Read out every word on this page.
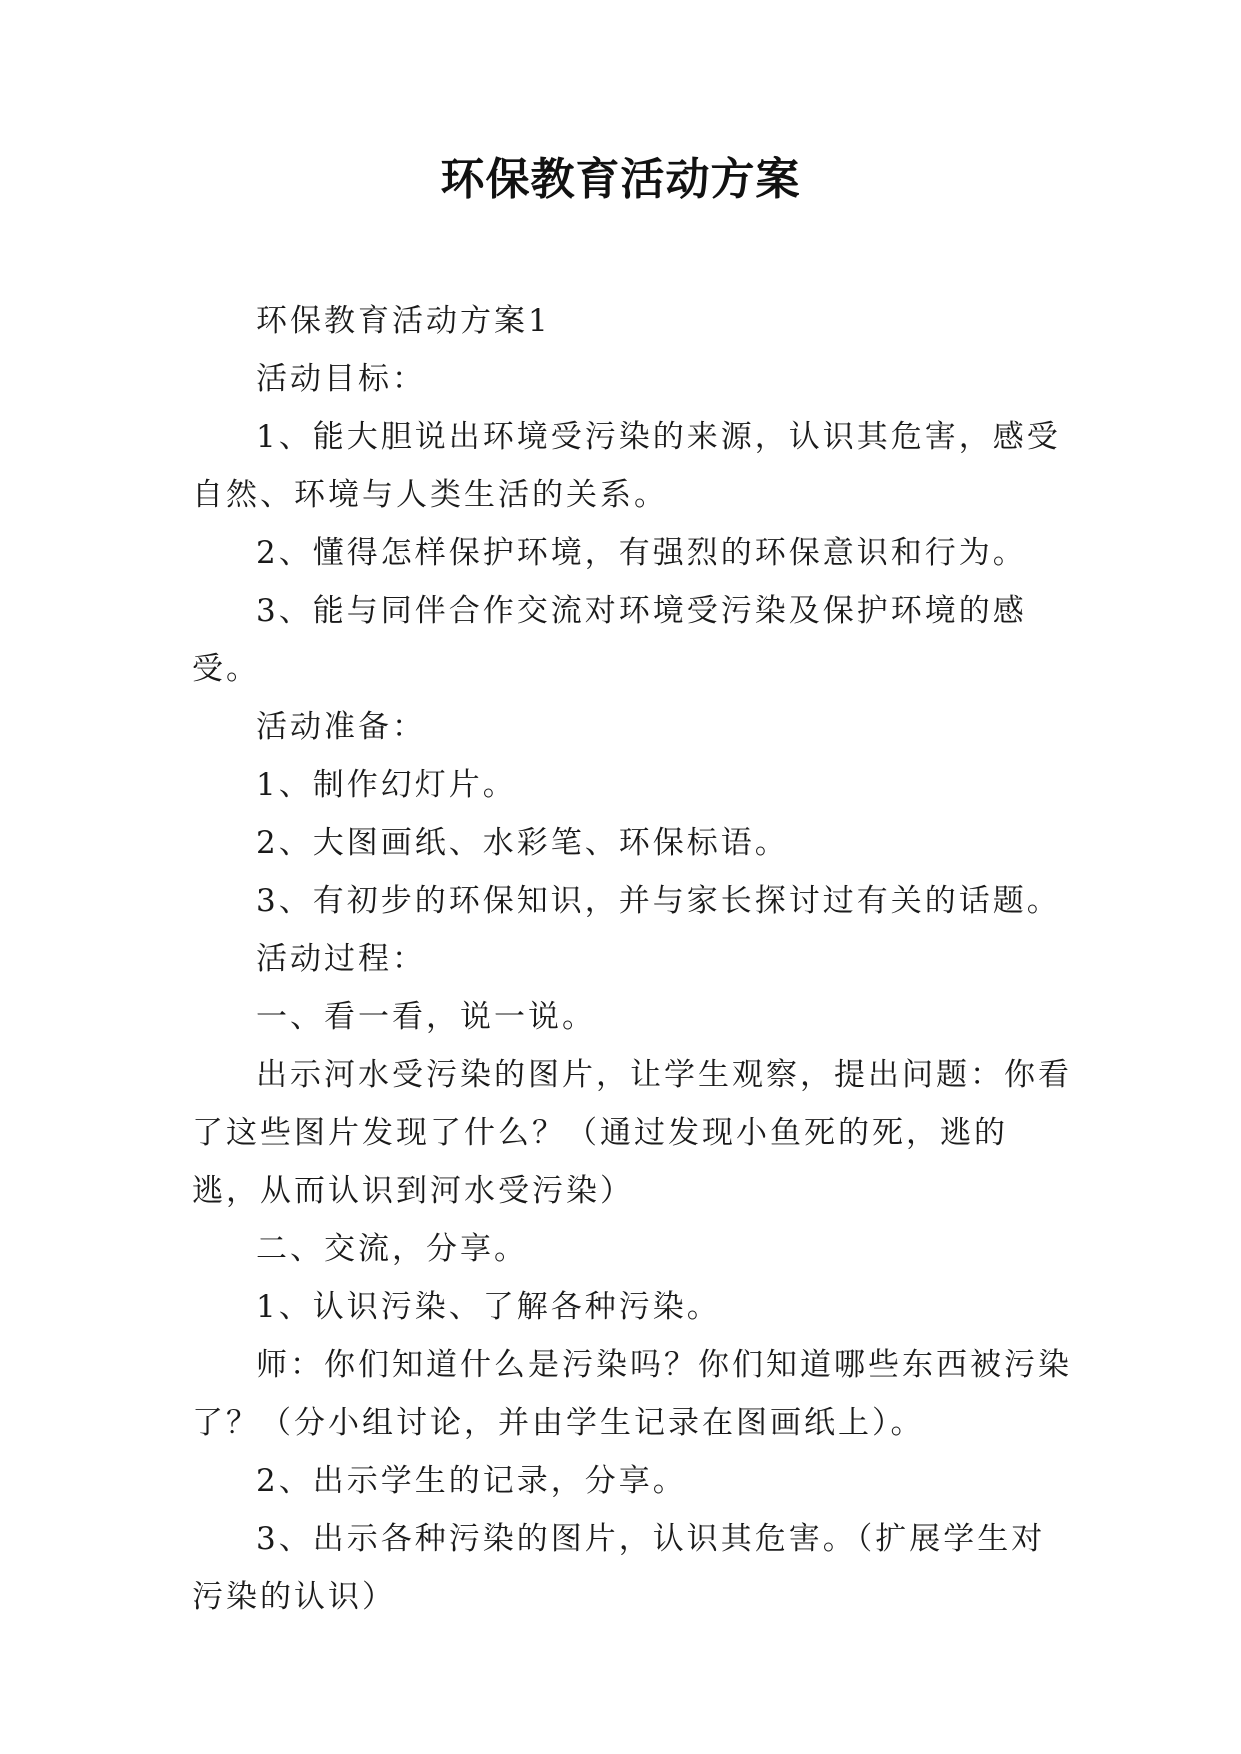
环保教育活动方案

环保教育活动方案1

活动目标：

1、能大胆说出环境受污染的来源，认识其危害，感受自然、环境与人类生活的关系。

2、懂得怎样保护环境，有强烈的环保意识和行为。

3、能与同伴合作交流对环境受污染及保护环境的感受。

活动准备：

1、制作幻灯片。

2、大图画纸、水彩笔、环保标语。

3、有初步的环保知识，并与家长探讨过有关的话题。

活动过程：

一、看一看，说一说。

出示河水受污染的图片，让学生观察，提出问题：你看了这些图片发现了什么？（通过发现小鱼死的死，逃的逃，从而认识到河水受污染）

二、交流，分享。

1、认识污染、了解各种污染。

师：你们知道什么是污染吗？你们知道哪些东西被污染了？（分小组讨论，并由学生记录在图画纸上）。

2、出示学生的记录，分享。

3、出示各种污染的图片，认识其危害。（扩展学生对污染的认识）
